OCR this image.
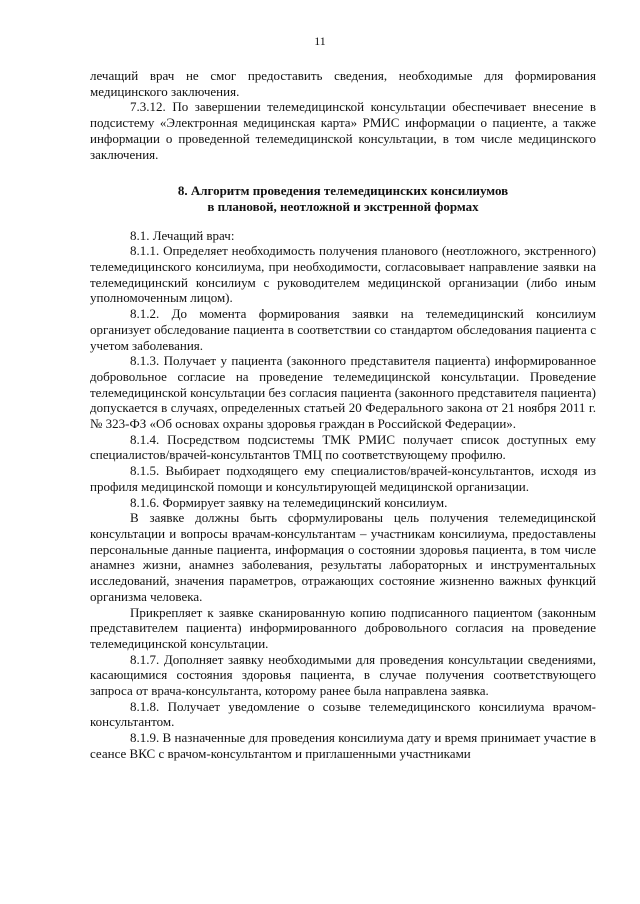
11

лечащий врач не смог предоставить сведения, необходимые для формирования медицинского заключения.

7.3.12. По завершении телемедицинской консультации обеспечивает внесение в подсистему «Электронная медицинская карта» РМИС информации о пациенте, а также информации о проведенной телемедицинской консультации, в том числе медицинского заключения.

8. Алгоритм проведения телемедицинских консилиумов
в плановой, неотложной и экстренной формах

8.1. Лечащий врач:

8.1.1. Определяет необходимость получения планового (неотложного, экстренного) телемедицинского консилиума, при необходимости, согласовывает направление заявки на телемедицинский консилиум с руководителем медицинской организации (либо иным уполномоченным лицом).

8.1.2. До момента формирования заявки на телемедицинский консилиум организует обследование пациента в соответствии со стандартом обследования пациента с учетом заболевания.

8.1.3. Получает у пациента (законного представителя пациента) информированное добровольное согласие на проведение телемедицинской консультации. Проведение телемедицинской консультации без согласия пациента (законного представителя пациента) допускается в случаях, определенных статьей 20 Федерального закона от 21 ноября 2011 г. № 323-ФЗ «Об основах охраны здоровья граждан в Российской Федерации».

8.1.4. Посредством подсистемы ТМК РМИС получает список доступных ему специалистов/врачей-консультантов ТМЦ по соответствующему профилю.

8.1.5. Выбирает подходящего ему специалистов/врачей-консультантов, исходя из профиля медицинской помощи и консультирующей медицинской организации.

8.1.6. Формирует заявку на телемедицинский консилиум.

В заявке должны быть сформулированы цель получения телемедицинской консультации и вопросы врачам-консультантам – участникам консилиума, предоставлены персональные данные пациента, информация о состоянии здоровья пациента, в том числе анамнез жизни, анамнез заболевания, результаты лабораторных и инструментальных исследований, значения параметров, отражающих состояние жизненно важных функций организма человека.

Прикрепляет к заявке сканированную копию подписанного пациентом (законным представителем пациента) информированного добровольного согласия на проведение телемедицинской консультации.

8.1.7. Дополняет заявку необходимыми для проведения консультации сведениями, касающимися состояния здоровья пациента, в случае получения соответствующего запроса от врача-консультанта, которому ранее была направлена заявка.

8.1.8. Получает уведомление о созыве телемедицинского консилиума врачом-консультантом.

8.1.9. В назначенные для проведения консилиума дату и время принимает участие в сеансе ВКС с врачом-консультантом и приглашенными участниками
